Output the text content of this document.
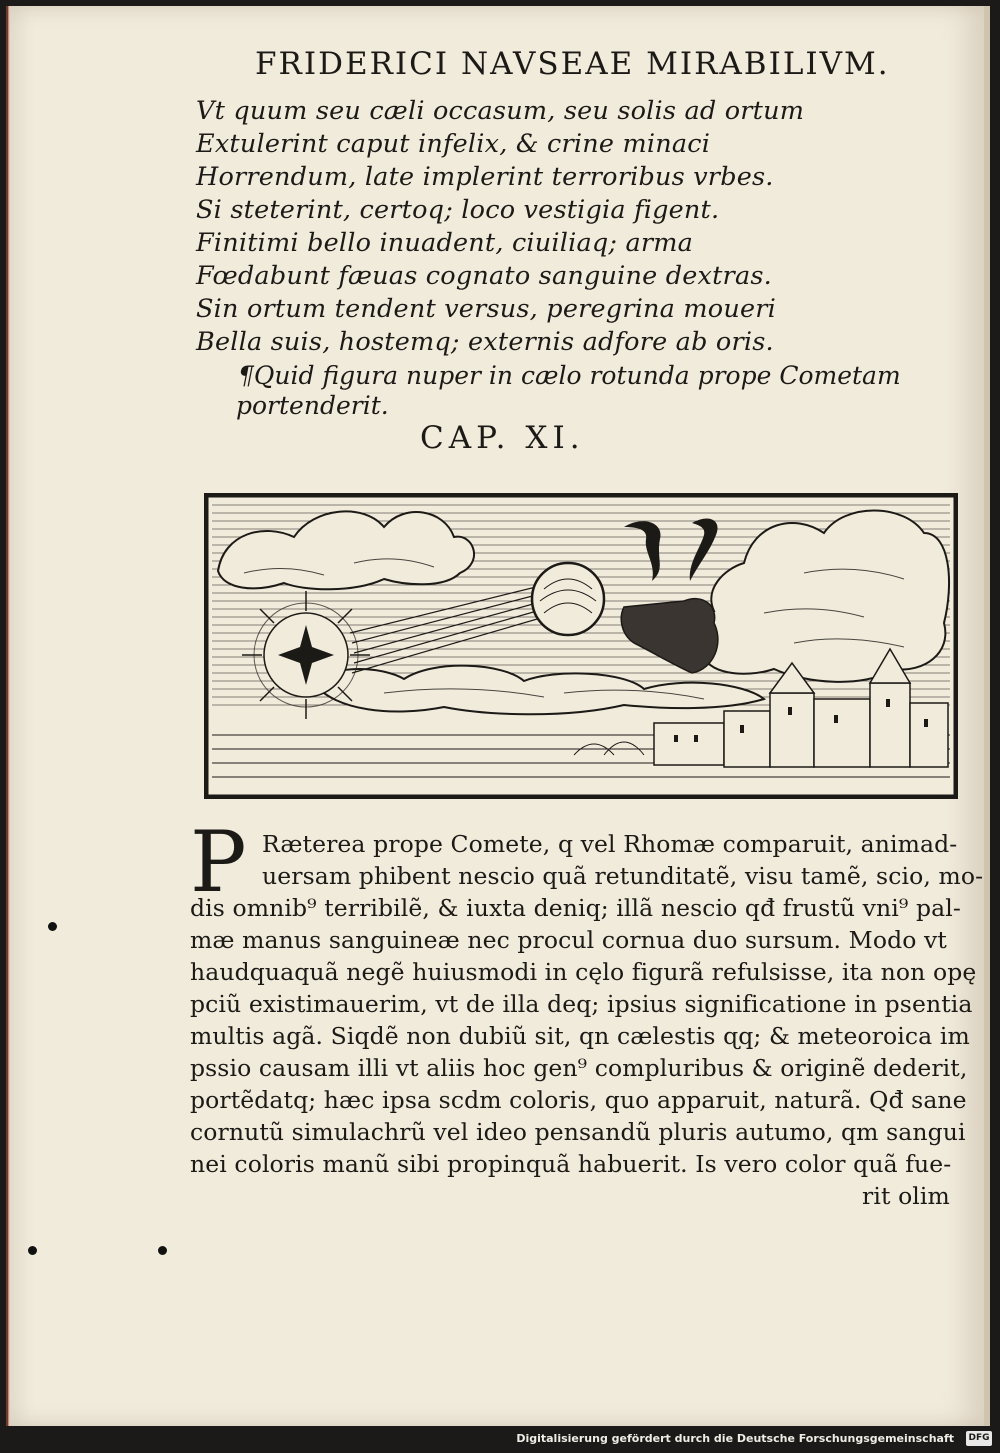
FRIDERICI NAVSEAE MIRABILIVM.
Vt quum seu cæli occasum, seu solis ad ortum
Extulerint caput infelix, & crine minaci
Horrendum, late implerint terroribus vrbes.
Si steterint, certoq; loco vestigia figent.
Finitimi bello inuadent, ciuiliaq; arma
Fœdabunt fæuas cognato sanguine dextras.
Sin ortum tendent versus, peregrina moueri
Bella suis, hostemq; externis adfore ab oris.
¶Quid figura nuper in cælo rotunda prope Cometam
portenderit.
CAP. XI.
P Ræterea prope Comete, q vel Rhomæ comparuit, animad-
uersam phibent nescio quã retunditatẽ, visu tamẽ, scio, mo-
dis omnib⁹ terribilẽ, & iuxta deniq; illã nescio qđ frustũ vni⁹ pal-
mæ manus sanguineæ nec procul cornua duo sursum. Modo vt
haudquaquã negẽ huiusmodi in cęlo figurã refulsisse, ita non opę
pciũ existimauerim, vt de illa deq; ipsius significatione in psentia
multis agã. Siqdẽ non dubiũ sit, qn cælestis ɋq; & meteoroica im
pssio causam illi vt aliis hoc gen⁹ compluribus & originẽ dederit,
portẽdatq; hæc ipsa scdm coloris, quo apparuit, naturã. Qđ sane
cornutũ simulachrũ vel ideo pensandũ pluris autumo, qm sangui
nei coloris manũ sibi propinquã habuerit. Is vero color quã fue-
rit olim
Digitalisierung gefördert durch die Deutsche Forschungsgemeinschaft DFG
